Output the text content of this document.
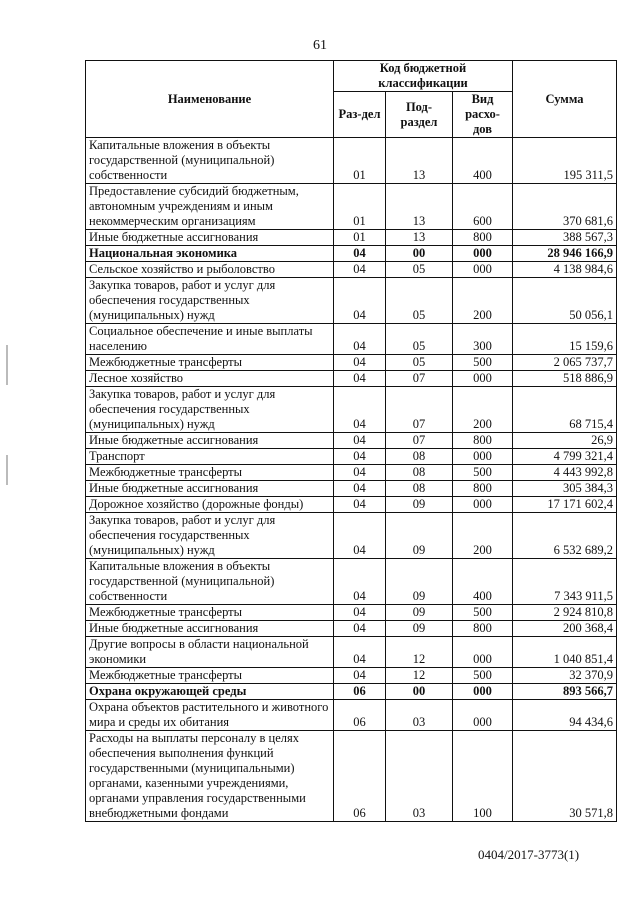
61
Наименование	Код бюджетной классификации			Сумма
	Раз-дел	Под-раздел	Вид расхо-дов	
Капитальные вложения в объекты государственной (муниципальной) собственности	01	13	400	195 311,5
Предоставление субсидий бюджетным, автономным учреждениям и иным некоммерческим организациям	01	13	600	370 681,6
Иные бюджетные ассигнования	01	13	800	388 567,3
Национальная экономика	04	00	000	28 946 166,9
Сельское хозяйство и рыболовство	04	05	000	4 138 984,6
Закупка товаров, работ и услуг для обеспечения государственных (муниципальных) нужд	04	05	200	50 056,1
Социальное обеспечение и иные выплаты населению	04	05	300	15 159,6
Межбюджетные трансферты	04	05	500	2 065 737,7
Лесное хозяйство	04	07	000	518 886,9
Закупка товаров, работ и услуг для обеспечения государственных (муниципальных) нужд	04	07	200	68 715,4
Иные бюджетные ассигнования	04	07	800	26,9
Транспорт	04	08	000	4 799 321,4
Межбюджетные трансферты	04	08	500	4 443 992,8
Иные бюджетные ассигнования	04	08	800	305 384,3
Дорожное хозяйство (дорожные фонды)	04	09	000	17 171 602,4
Закупка товаров, работ и услуг для обеспечения государственных (муниципальных) нужд	04	09	200	6 532 689,2
Капитальные вложения в объекты государственной (муниципальной) собственности	04	09	400	7 343 911,5
Межбюджетные трансферты	04	09	500	2 924 810,8
Иные бюджетные ассигнования	04	09	800	200 368,4
Другие вопросы в области национальной экономики	04	12	000	1 040 851,4
Межбюджетные трансферты	04	12	500	32 370,9
Охрана окружающей среды	06	00	000	893 566,7
Охрана объектов растительного и животного мира и среды их обитания	06	03	000	94 434,6
Расходы на выплаты персоналу в целях обеспечения выполнения функций государственными (муниципальными) органами, казенными учреждениями, органами управления государственными внебюджетными фондами	06	03	100	30 571,8
0404/2017-3773(1)
